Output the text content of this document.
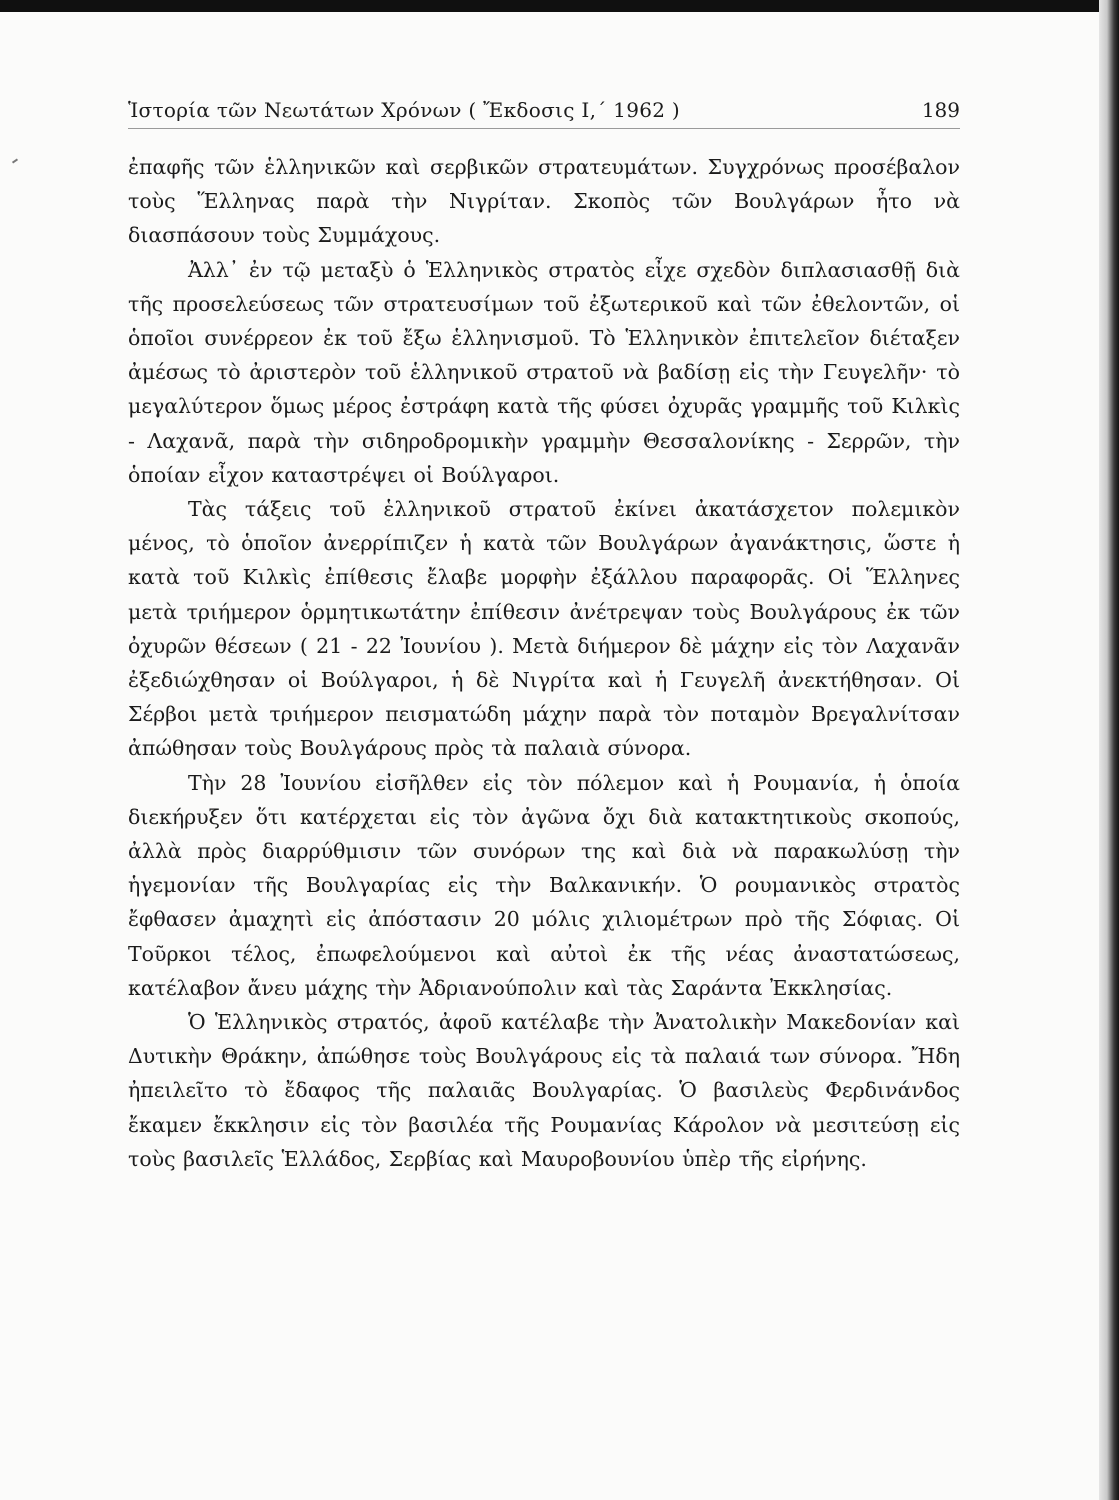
Ἱστορία τῶν Νεωτάτων Χρόνων ( Ἔκδοσις Ι,΄ 1962 )	189

ἐπαφῆς τῶν ἑλληνικῶν καὶ σερβικῶν στρατευμάτων. Συγχρόνως προσέβαλον τοὺς Ἕλληνας παρὰ τὴν Νιγρίταν. Σκοπὸς τῶν Βουλγάρων ἦτο νὰ διασπάσουν τοὺς Συμμάχους.

Ἀλλ᾽ ἐν τῷ μεταξὺ ὁ Ἑλληνικὸς στρατὸς εἶχε σχεδὸν διπλασιασθῇ διὰ τῆς προσελεύσεως τῶν στρατευσίμων τοῦ ἐξωτερικοῦ καὶ τῶν ἐθελοντῶν, οἱ ὁποῖοι συνέρρεον ἐκ τοῦ ἔξω ἑλληνισμοῦ. Τὸ Ἑλληνικὸν ἐπιτελεῖον διέταξεν ἀμέσως τὸ ἀριστερὸν τοῦ ἑλληνικοῦ στρατοῦ νὰ βαδίσῃ εἰς τὴν Γευγελῆν· τὸ μεγαλύτερον ὅμως μέρος ἐστράφη κατὰ τῆς φύσει ὀχυρᾶς γραμμῆς τοῦ Κιλκὶς - Λαχανᾶ, παρὰ τὴν σιδηροδρομικὴν γραμμὴν Θεσσαλονίκης - Σερρῶν, τὴν ὁποίαν εἶχον καταστρέψει οἱ Βούλγαροι.

Τὰς τάξεις τοῦ ἑλληνικοῦ στρατοῦ ἐκίνει ἀκατάσχετον πολεμικὸν μένος, τὸ ὁποῖον ἀνερρίπιζεν ἡ κατὰ τῶν Βουλγάρων ἀγανάκτησις, ὥστε ἡ κατὰ τοῦ Κιλκὶς ἐπίθεσις ἔλαβε μορφὴν ἐξάλλου παραφορᾶς. Οἱ Ἕλληνες μετὰ τριήμερον ὁρμητικωτάτην ἐπίθεσιν ἀνέτρεψαν τοὺς Βουλγάρους ἐκ τῶν ὀχυρῶν θέσεων ( 21 - 22 Ἰουνίου ). Μετὰ διήμερον δὲ μάχην εἰς τὸν Λαχανᾶν ἐξεδιώχθησαν οἱ Βούλγαροι, ἡ δὲ Νιγρίτα καὶ ἡ Γευγελῆ ἀνεκτήθησαν. Οἱ Σέρβοι μετὰ τριήμερον πεισματώδη μάχην παρὰ τὸν ποταμὸν Βρεγαλνίτσαν ἀπώθησαν τοὺς Βουλγάρους πρὸς τὰ παλαιὰ σύνορα.

Τὴν 28 Ἰουνίου εἰσῆλθεν εἰς τὸν πόλεμον καὶ ἡ Ρουμανία, ἡ ὁποία διεκήρυξεν ὅτι κατέρχεται εἰς τὸν ἀγῶνα ὄχι διὰ κατακτητικοὺς σκοπούς, ἀλλὰ πρὸς διαρρύθμισιν τῶν συνόρων της καὶ διὰ νὰ παρακωλύσῃ τὴν ἡγεμονίαν τῆς Βουλγαρίας εἰς τὴν Βαλκανικήν. Ὁ ρουμανικὸς στρατὸς ἔφθασεν ἀμαχητὶ εἰς ἀπόστασιν 20 μόλις χιλιομέτρων πρὸ τῆς Σόφιας. Οἱ Τοῦρκοι τέλος, ἐπωφελούμενοι καὶ αὐτοὶ ἐκ τῆς νέας ἀναστατώσεως, κατέλαβον ἄνευ μάχης τὴν Ἀδριανούπολιν καὶ τὰς Σαράντα Ἐκκλησίας.

Ὁ Ἑλληνικὸς στρατός, ἀφοῦ κατέλαβε τὴν Ἀνατολικὴν Μακεδονίαν καὶ Δυτικὴν Θράκην, ἀπώθησε τοὺς Βουλγάρους εἰς τὰ παλαιά των σύνορα. Ἤδη ἠπειλεῖτο τὸ ἔδαφος τῆς παλαιᾶς Βουλγαρίας. Ὁ βασιλεὺς Φερδινάνδος ἔκαμεν ἔκκλησιν εἰς τὸν βασιλέα τῆς Ρουμανίας Κάρολον νὰ μεσιτεύσῃ εἰς τοὺς βασιλεῖς Ἑλλάδος, Σερβίας καὶ Μαυροβουνίου ὑπὲρ τῆς εἰρήνης.
